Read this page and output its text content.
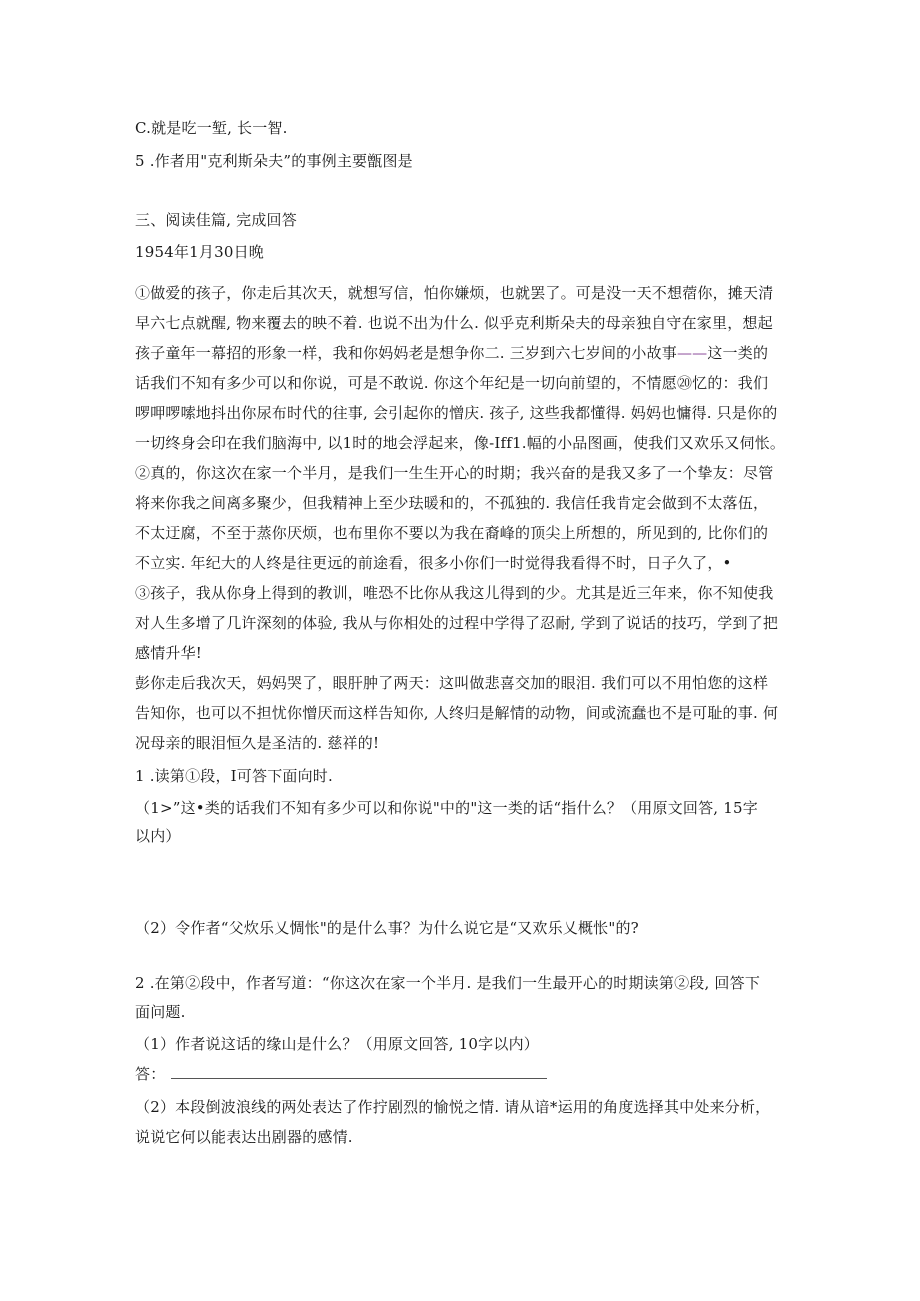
C.就是吃一堑, 长一智.
5 .作者用"克利斯朵夫”的事例主要甑图是
三、阅读佳篇, 完成回答
1954年1月30日晚
①做爱的孩子，你走后其次天，就想写信，怕你嫌烦，也就罢了。可是没一天不想蓿你，摊天清
早六七点就醒, 物来覆去的映不着. 也说不出为什么. 似乎克利斯朵夫的母亲独自守在家里，想起
孩子童年一幕招的形象一样，我和你妈妈老是想争你二. 三岁到六七岁间的小故事——这一类的
话我们不知有多少可以和你说，可是不敢说. 你这个年纪是一切向前望的，不情愿⑳忆的：我们
啰呷啰嗦地抖出你尿布时代的往事, 会引起你的憎庆. 孩子, 这些我都懂得. 妈妈也慵得. 只是你的
一切终身会印在我们脑海中, 以1时的地会浮起来，像-Iff1.幅的小品图画，使我们又欢乐又伺怅。
②真的，你这次在家一个半月，是我们一生生开心的时期；我兴奋的是我又多了一个挚友：尽管
将来你我之间离多聚少，但我精神上至少珐暖和的，不孤独的. 我信任我肯定会做到不太落伍，
不太迂腐，不至于蒸你厌烦，也布里你不要以为我在裔峰的顶尖上所想的，所见到的, 比你们的
不立实. 年纪大的人终是往更远的前途看，很多小你们一时觉得我看得不时，日子久了，•
③孩子，我从你身上得到的教训，唯恐不比你从我这儿得到的少。尤其是近三年来，你不知使我
对人生多增了几许深刻的体验, 我从与你相处的过程中学得了忍耐, 学到了说话的技巧，学到了把
感情升华!
彭你走后我次天，妈妈哭了，眼肝肿了两天：这叫做悲喜交加的眼泪. 我们可以不用怕您的这样
告知你，也可以不担忧你憎厌而这样告知你, 人终归是解情的动物，间或流蠢也不是可耻的事. 何
况母亲的眼泪恒久是圣洁的. 慈祥的!
1 .读第①段，I可答下面向时.
（1>”这•类的话我们不知有多少可以和你说"中的"这一类的话“指什么？（用原文回答, 15字
以内）
（2）令作者“父炊乐乂惆怅"的是什么事？为什么说它是“又欢乐乂概怅"的?
2 .在第②段中，作者写道：“你这次在家一个半月. 是我们一生最开心的时期读第②段, 回答下
面问题.
（1）作者说这话的缘山是什么？（用原文回答, 10字以内）
答：
（2）本段倒波浪线的两处表达了作拧剧烈的愉悦之情. 请从谙*运用的角度选择其中处来分析，
说说它何以能表达出剧器的感情.
